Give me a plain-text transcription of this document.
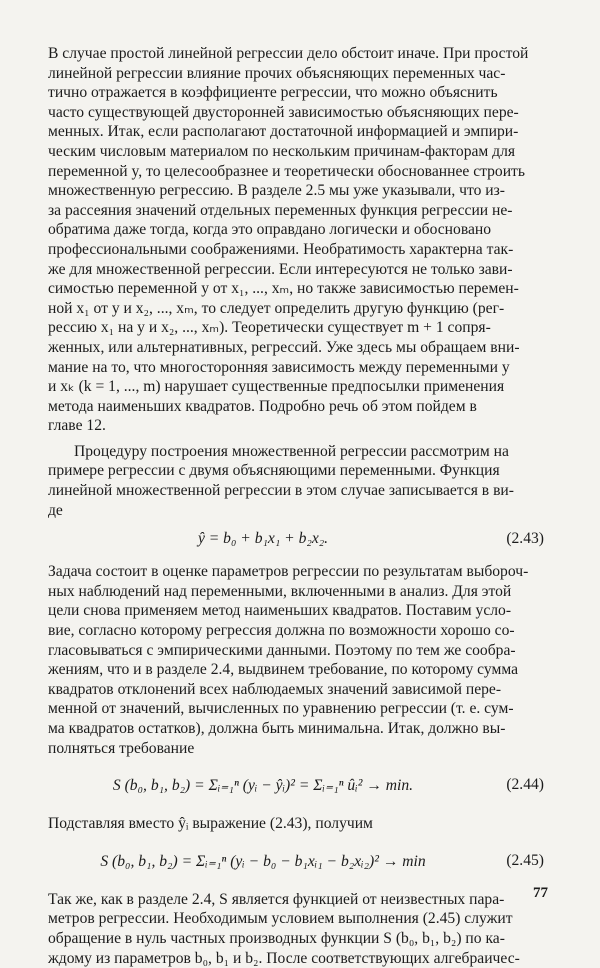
В случае простой линейной регрессии дело обстоит иначе. При простой
линейной регрессии влияние прочих объясняющих переменных час-
тично отражается в коэффициенте регрессии, что можно объяснить
часто существующей двусторонней зависимостью объясняющих пере-
менных. Итак, если располагают достаточной информацией и эмпири-
ческим числовым материалом по нескольким причинам-факторам для
переменной y, то целесообразнее и теоретически обоснованнее строить
множественную регрессию. В разделе 2.5 мы уже указывали, что из-
за рассеяния значений отдельных переменных функция регрессии не-
обратима даже тогда, когда это оправдано логически и обосновано
профессиональными соображениями. Необратимость характерна так-
же для множественной регрессии. Если интересуются не только зави-
симостью переменной y от x₁, ..., xₘ, но также зависимостью перемен-
ной x₁ от y и x₂, ..., xₘ, то следует определить другую функцию (рег-
рессию x₁ на y и x₂, ..., xₘ). Теоретически существует m + 1 сопря-
женных, или альтернативных, регрессий. Уже здесь мы обращаем вни-
мание на то, что многосторонняя зависимость между переменными y
и xₖ (k = 1, ..., m) нарушает существенные предпосылки применения
метода наименьших квадратов. Подробно речь об этом пойдем в
главе 12.

Процедуру построения множественной регрессии рассмотрим на
примере регрессии с двумя объясняющими переменными. Функция
линейной множественной регрессии в этом случае записывается в ви-
де

ŷ = b₀ + b₁x₁ + b₂x₂.	(2.43)

Задача состоит в оценке параметров регрессии по результатам выбороч-
ных наблюдений над переменными, включенными в анализ. Для этой
цели снова применяем метод наименьших квадратов. Поставим усло-
вие, согласно которому регрессия должна по возможности хорошо со-
гласовываться с эмпирическими данными. Поэтому по тем же сообра-
жениям, что и в разделе 2.4, выдвинем требование, по которому сумма
квадратов отклонений всех наблюдаемых значений зависимой пере-
менной от значений, вычисленных по уравнению регрессии (т. е. сум-
ма квадратов остатков), должна быть минимальна. Итак, должно вы-
полняться требование

S (b₀, b₁, b₂) = Σᵢ₌₁ⁿ (yᵢ − ŷᵢ)² = Σᵢ₌₁ⁿ ûᵢ² → min.	(2.44)

Подставляя вместо ŷᵢ выражение (2.43), получим

S (b₀, b₁, b₂) = Σᵢ₌₁ⁿ (yᵢ − b₀ − b₁xᵢ₁ − b₂xᵢ₂)² → min	(2.45)

Так же, как в разделе 2.4, S является функцией от неизвестных пара-
метров регрессии. Необходимым условием выполнения (2.45) служит
обращение в нуль частных производных функции S (b₀, b₁, b₂) по ка-
ждому из параметров b₀, b₁ и b₂. После соответствующих алгебраичес-

77
